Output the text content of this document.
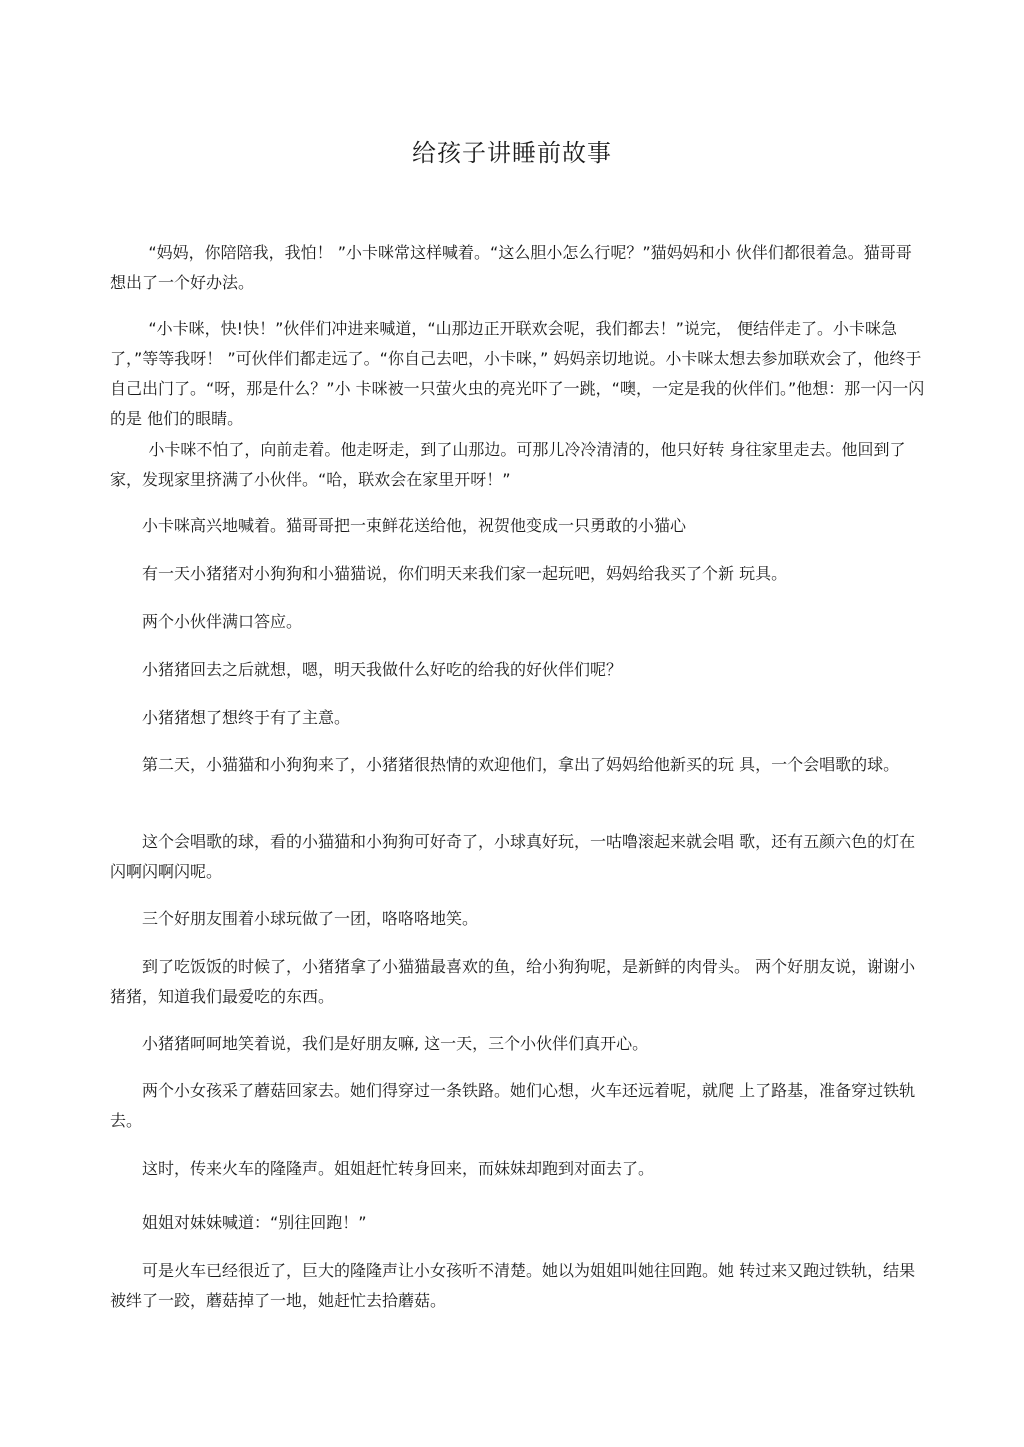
给孩子讲睡前故事

“妈妈，你陪陪我，我怕！ ”小卡咪常这样喊着。“这么胆小怎么行呢？”猫妈妈和小 伙伴们都很着急。猫哥哥想出了一个好办法。

“小卡咪，快!快！”伙伴们冲进来喊道，“山那边正开联欢会呢，我们都去！”说完， 便结伴走了。小卡咪急了，”等等我呀！ ”可伙伴们都走远了。“你自己去吧，小卡咪，” 妈妈亲切地说。小卡咪太想去参加联欢会了，他终于自己出门了。“呀，那是什么？”小 卡咪被一只萤火虫的亮光吓了一跳，“噢，一定是我的伙伴们。”他想：那一闪一闪的是 他们的眼睛。

小卡咪不怕了，向前走着。他走呀走，到了山那边。可那儿冷冷清清的，他只好转 身往家里走去。他回到了家，发现家里挤满了小伙伴。“哈，联欢会在家里开呀！”

小卡咪高兴地喊着。猫哥哥把一束鲜花送给他，祝贺他变成一只勇敢的小猫心

有一天小猪猪对小狗狗和小猫猫说，你们明天来我们家一起玩吧，妈妈给我买了个新 玩具。

两个小伙伴满口答应。

小猪猪回去之后就想，嗯，明天我做什么好吃的给我的好伙伴们呢？

小猪猪想了想终于有了主意。

第二天，小猫猫和小狗狗来了，小猪猪很热情的欢迎他们，拿出了妈妈给他新买的玩 具，一个会唱歌的球。

这个会唱歌的球，看的小猫猫和小狗狗可好奇了，小球真好玩，一咕噜滚起来就会唱 歌，还有五颜六色的灯在闪啊闪啊闪呢。

三个好朋友围着小球玩做了一团，咯咯咯地笑。

到了吃饭饭的时候了，小猪猪拿了小猫猫最喜欢的鱼，给小狗狗呢，是新鲜的肉骨头。 两个好朋友说，谢谢小猪猪，知道我们最爱吃的东西。

小猪猪呵呵地笑着说，我们是好朋友嘛, 这一天，三个小伙伴们真开心。

两个小女孩采了蘑菇回家去。她们得穿过一条铁路。她们心想，火车还远着呢，就爬 上了路基，准备穿过铁轨去。

这时，传来火车的隆隆声。姐姐赶忙转身回来，而妹妹却跑到对面去了。

姐姐对妹妹喊道：“别往回跑！”

可是火车已经很近了，巨大的隆隆声让小女孩听不清楚。她以为姐姐叫她往回跑。她 转过来又跑过铁轨，结果被绊了一跤，蘑菇掉了一地，她赶忙去拾蘑菇。
